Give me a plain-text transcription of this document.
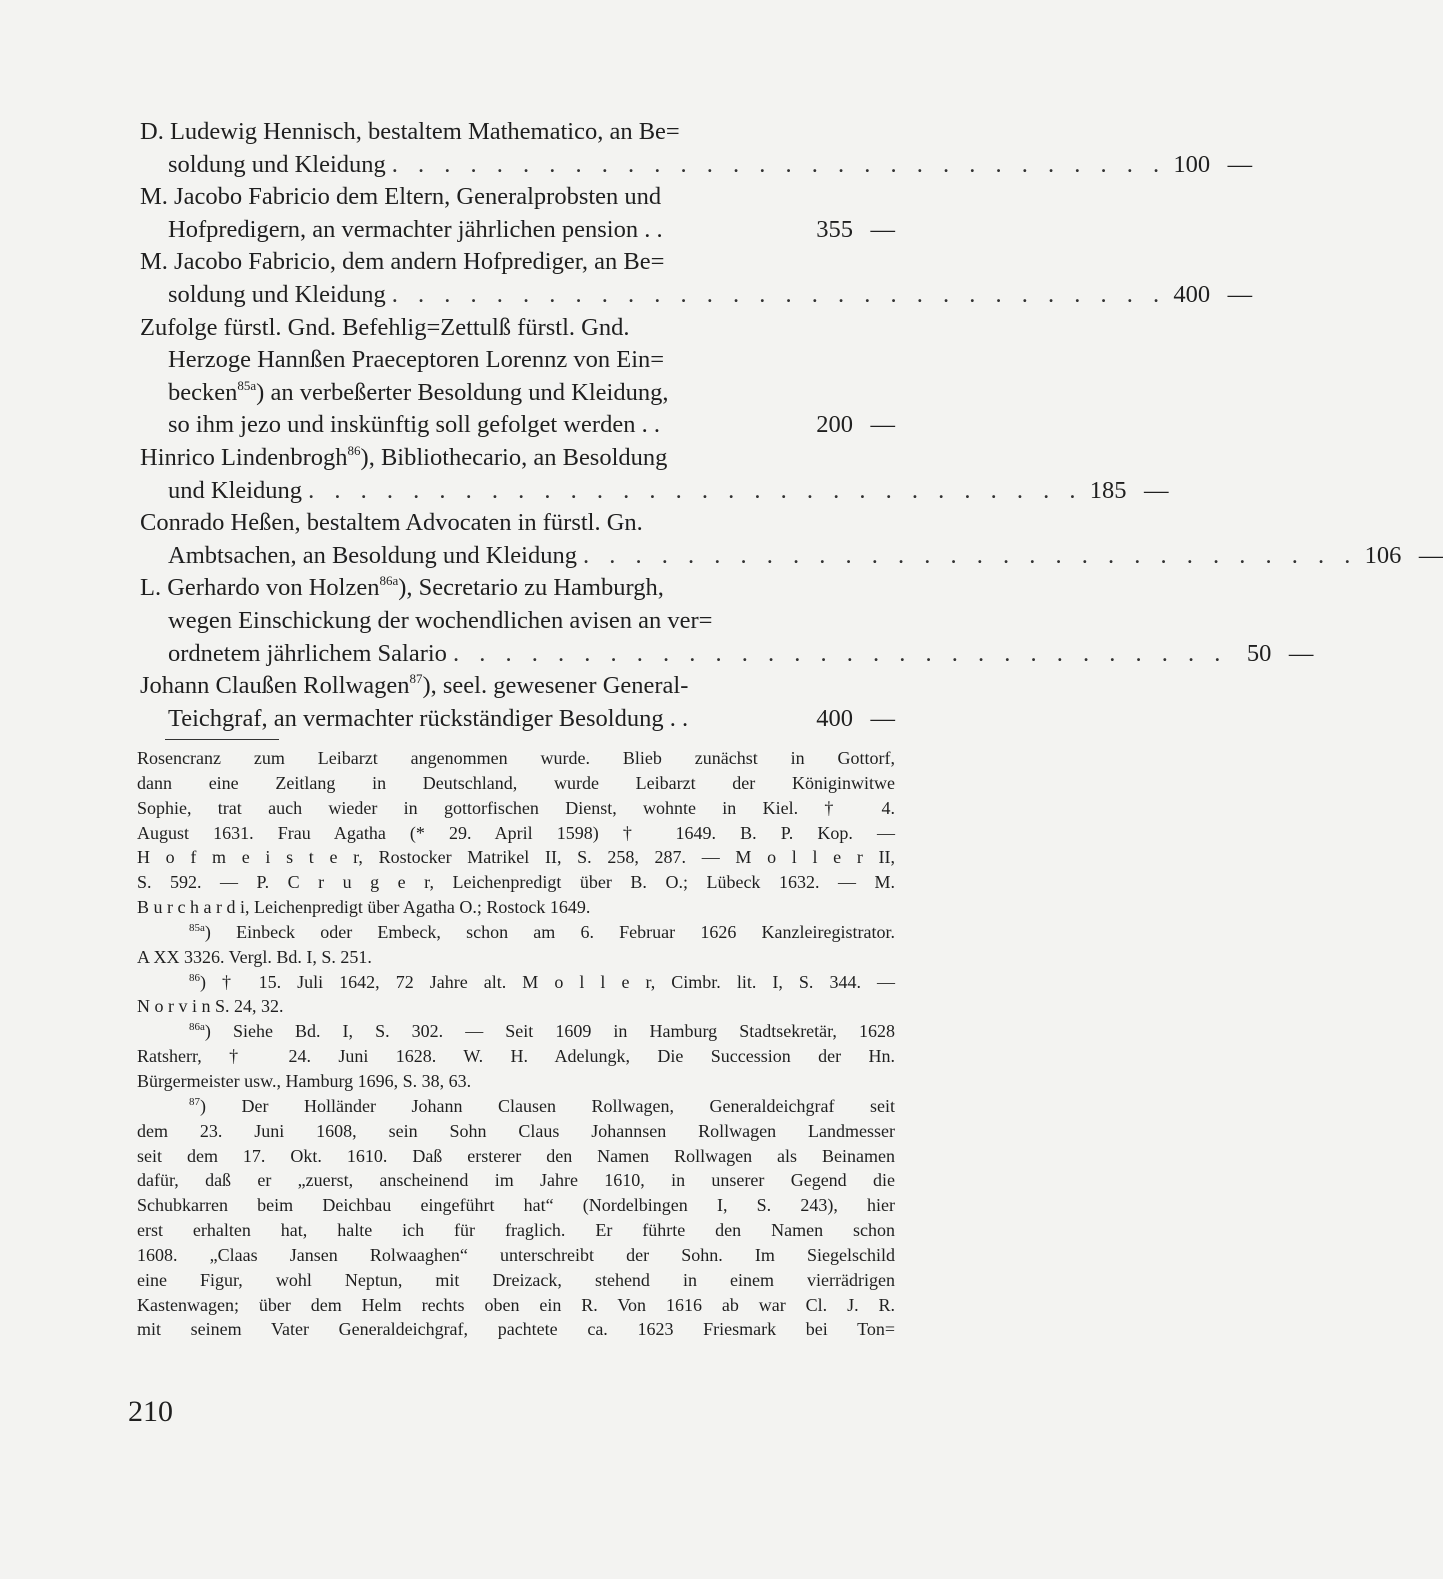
D. Ludewig Hennisch, bestaltem Mathematico, an Be=
soldung und Kleidung . . . . . . . . . . . . . . . . . . . . . . . . . . . . . . 100 —
M. Jacobo Fabricio dem Eltern, Generalprobsten und
Hofpredigern, an vermachter jährlichen pension . .	355 —
M. Jacobo Fabricio, dem andern Hofprediger, an Be=
soldung und Kleidung . . . . . . . . . . . . . . . . . . . . . . . . . . . . . . 400 —
Zufolge fürstl. Gnd. Befehlig=Zettulß fürstl. Gnd.
Herzoge Hannßen Praeceptoren Lorennz von Ein=
becken$^{85a}$) an verbeßerter Besoldung und Kleidung,
so ihm jezo und inskünftig soll gefolget werden . .	200 —
Hinrico Lindenbrogh$^{86}$), Bibliothecario, an Besoldung
und Kleidung . . . . . . . . . . . . . . . . . . . . . . . . . . . . . . 185 —
Conrado Heßen, bestaltem Advocaten in fürstl. Gn.
Ambtsachen, an Besoldung und Kleidung . . . . . . . . . . . . . . . . . . . . . . . . . . . . . . 106 —
L. Gerhardo von Holzen$^{86a}$), Secretario zu Hamburgh,
wegen Einschickung der wochendlichen avisen an ver=
ordnetem jährlichem Salario . . . . . . . . . . . . . . . . . . . . . . . . . . . . . . 50 —
Johann Claußen Rollwagen$^{87}$), seel. gewesener General-
Teichgraf, an vermachter rückständiger Besoldung . .	400 —
Rosencranz zum Leibarzt angenommen wurde. Blieb zunächst in Gottorf,
dann eine Zeitlang in Deutschland, wurde Leibarzt der Königinwitwe
Sophie, trat auch wieder in gottorfischen Dienst, wohnte in Kiel. † 4.
August 1631. Frau Agatha (* 29. April 1598) † 1649. B. P. Kop. —
H o f m e i s t e r, Rostocker Matrikel II, S. 258, 287. — M o l l e r II,
S. 592. — P. C r u g e r, Leichenpredigt über B. O.; Lübeck 1632. — M.
B u r c h a r d i, Leichenpredigt über Agatha O.; Rostock 1649.
$^{85a}$) Einbeck oder Embeck, schon am 6. Februar 1626 Kanzleiregistrator.
A XX 3326. Vergl. Bd. I, S. 251.
$^{86}$) † 15. Juli 1642, 72 Jahre alt. M o l l e r, Cimbr. lit. I, S. 344. —
N o r v i n S. 24, 32.
$^{86a}$) Siehe Bd. I, S. 302. — Seit 1609 in Hamburg Stadtsekretär, 1628
Ratsherr, † 24. Juni 1628. W. H. Adelungk, Die Succession der Hn.
Bürgermeister usw., Hamburg 1696, S. 38, 63.
$^{87}$) Der Holländer Johann Clausen Rollwagen, Generaldeichgraf seit
dem 23. Juni 1608, sein Sohn Claus Johannsen Rollwagen Landmesser
seit dem 17. Okt. 1610. Daß ersterer den Namen Rollwagen als Beinamen
dafür, daß er „zuerst, anscheinend im Jahre 1610, in unserer Gegend die
Schubkarren beim Deichbau eingeführt hat“ (Nordelbingen I, S. 243), hier
erst erhalten hat, halte ich für fraglich. Er führte den Namen schon
1608. „Claas Jansen Rolwaaghen“ unterschreibt der Sohn. Im Siegelschild
eine Figur, wohl Neptun, mit Dreizack, stehend in einem vierrädrigen
Kastenwagen; über dem Helm rechts oben ein R. Von 1616 ab war Cl. J. R.
mit seinem Vater Generaldeichgraf, pachtete ca. 1623 Friesmark bei Ton=
210
